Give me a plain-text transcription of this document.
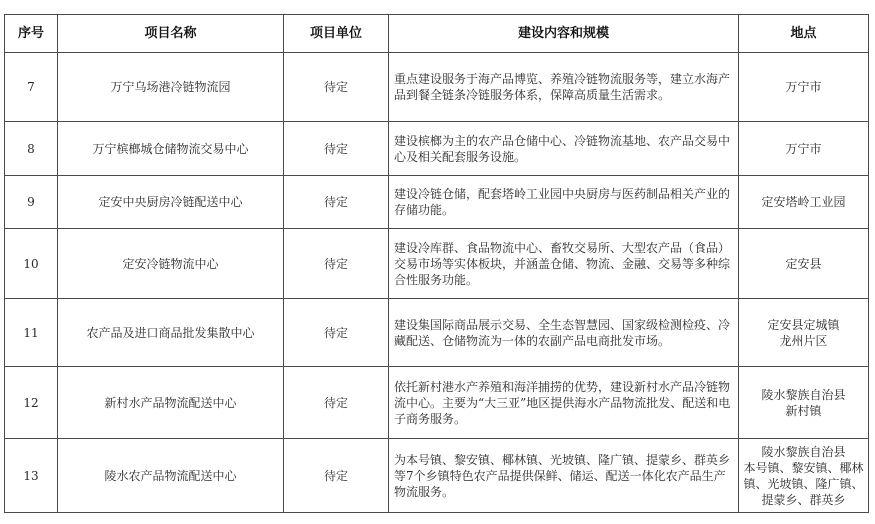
序号	项目名称	项目单位	建设内容和规模	地点
7	万宁乌场港冷链物流园	待定	重点建设服务于海产品博览、养殖冷链物流服务等，建立水海产品到餐全链条冷链服务体系，保障高质量生活需求。	万宁市

8	万宁槟榔城仓储物流交易中心	待定	建设槟榔为主的农产品仓储中心、冷链物流基地、农产品交易中心及相关配套服务设施。	万宁市

9	定安中央厨房冷链配送中心	待定	建设冷链仓储，配套塔岭工业园中央厨房与医药制品相关产业的存储功能。	定安塔岭工业园

10	定安冷链物流中心	待定	建设冷库群、食品物流中心、畜牧交易所、大型农产品（食品）交易市场等实体板块，并涵盖仓储、物流、金融、交易等多种综合性服务功能。	定安县

11	农产品及进口商品批发集散中心	待定	建设集国际商品展示交易、全生态智慧园、国家级检测检疫、冷藏配送、仓储物流为一体的农副产品电商批发市场。	定安县定城镇
龙州片区

12	新村水产品物流配送中心	待定	依托新村港水产养殖和海洋捕捞的优势，建设新村水产品冷链物流中心。主要为“大三亚”地区提供海水产品物流批发、配送和电子商务服务。	陵水黎族自治县
新村镇

13	陵水农产品物流配送中心	待定	为本号镇、黎安镇、椰林镇、光坡镇、隆广镇、提蒙乡、群英乡等7个乡镇特色农产品提供保鲜、储运、配送一体化农产品生产物流服务。	陵水黎族自治县
本号镇、黎安镇、椰林镇、光坡镇、隆广镇、提蒙乡、群英乡
